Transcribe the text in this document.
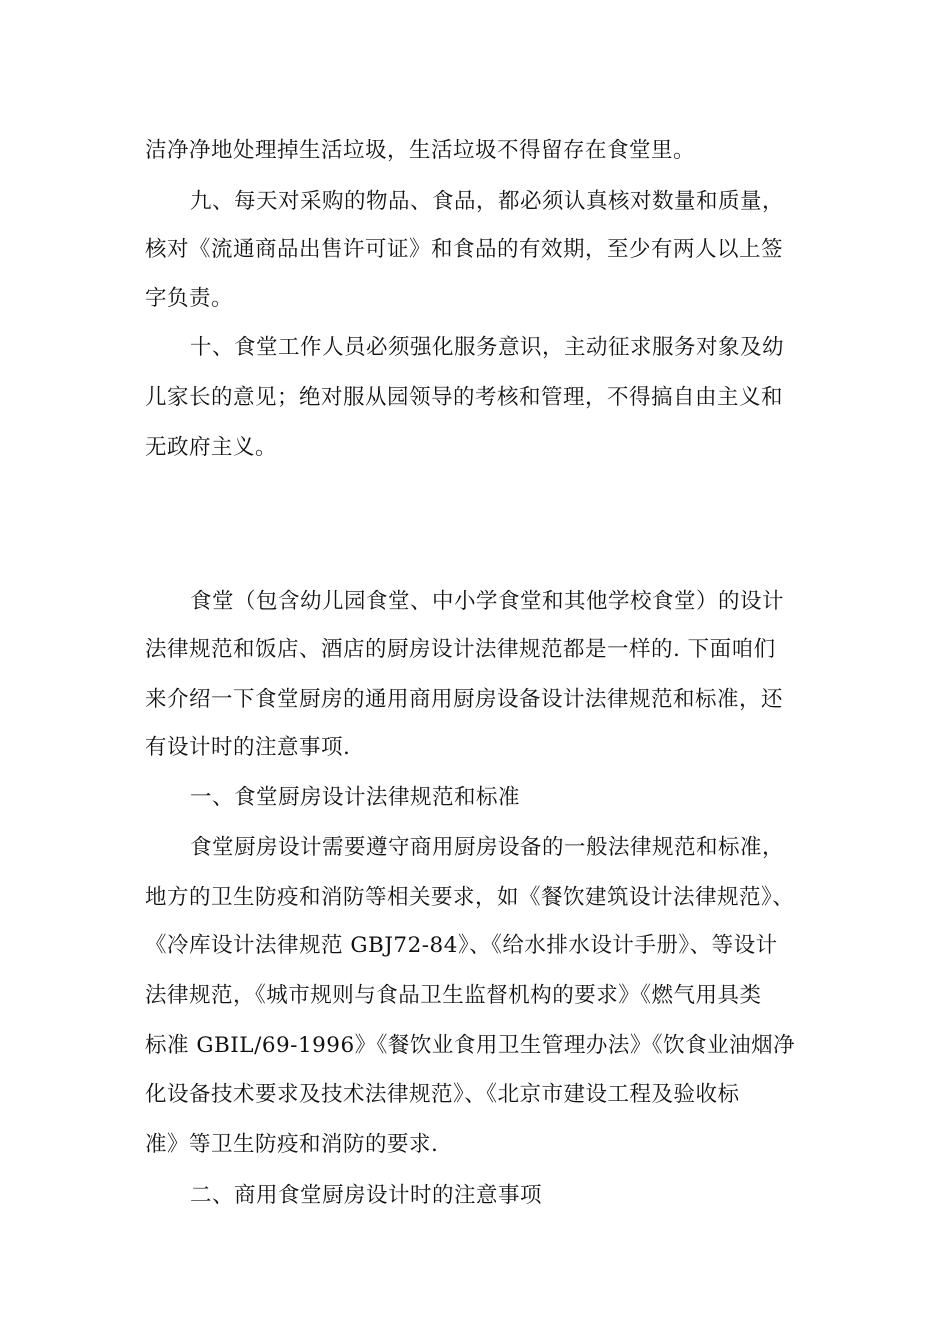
洁净净地处理掉生活垃圾，生活垃圾不得留存在食堂里。
九、每天对采购的物品、食品，都必须认真核对数量和质量，
核对《流通商品出售许可证》和食品的有效期，至少有两人以上签
字负责。
十、食堂工作人员必须强化服务意识，主动征求服务对象及幼
儿家长的意见；绝对服从园领导的考核和管理，不得搞自由主义和
无政府主义。
食堂（包含幼儿园食堂、中小学食堂和其他学校食堂）的设计
法律规范和饭店、酒店的厨房设计法律规范都是一样的. 下面咱们
来介绍一下食堂厨房的通用商用厨房设备设计法律规范和标准，还
有设计时的注意事项.
一、食堂厨房设计法律规范和标准
食堂厨房设计需要遵守商用厨房设备的一般法律规范和标准，
地方的卫生防疫和消防等相关要求，如《餐饮建筑设计法律规范》、
《冷库设计法律规范 GBJ72-84》、《给水排水设计手册》、等设计
法律规范，《城市规则与食品卫生监督机构的要求》《燃气用具类
标准 GBIL/69-1996》《餐饮业食用卫生管理办法》《饮食业油烟净
化设备技术要求及技术法律规范》、《北京市建设工程及验收标
准》等卫生防疫和消防的要求.
二、商用食堂厨房设计时的注意事项
